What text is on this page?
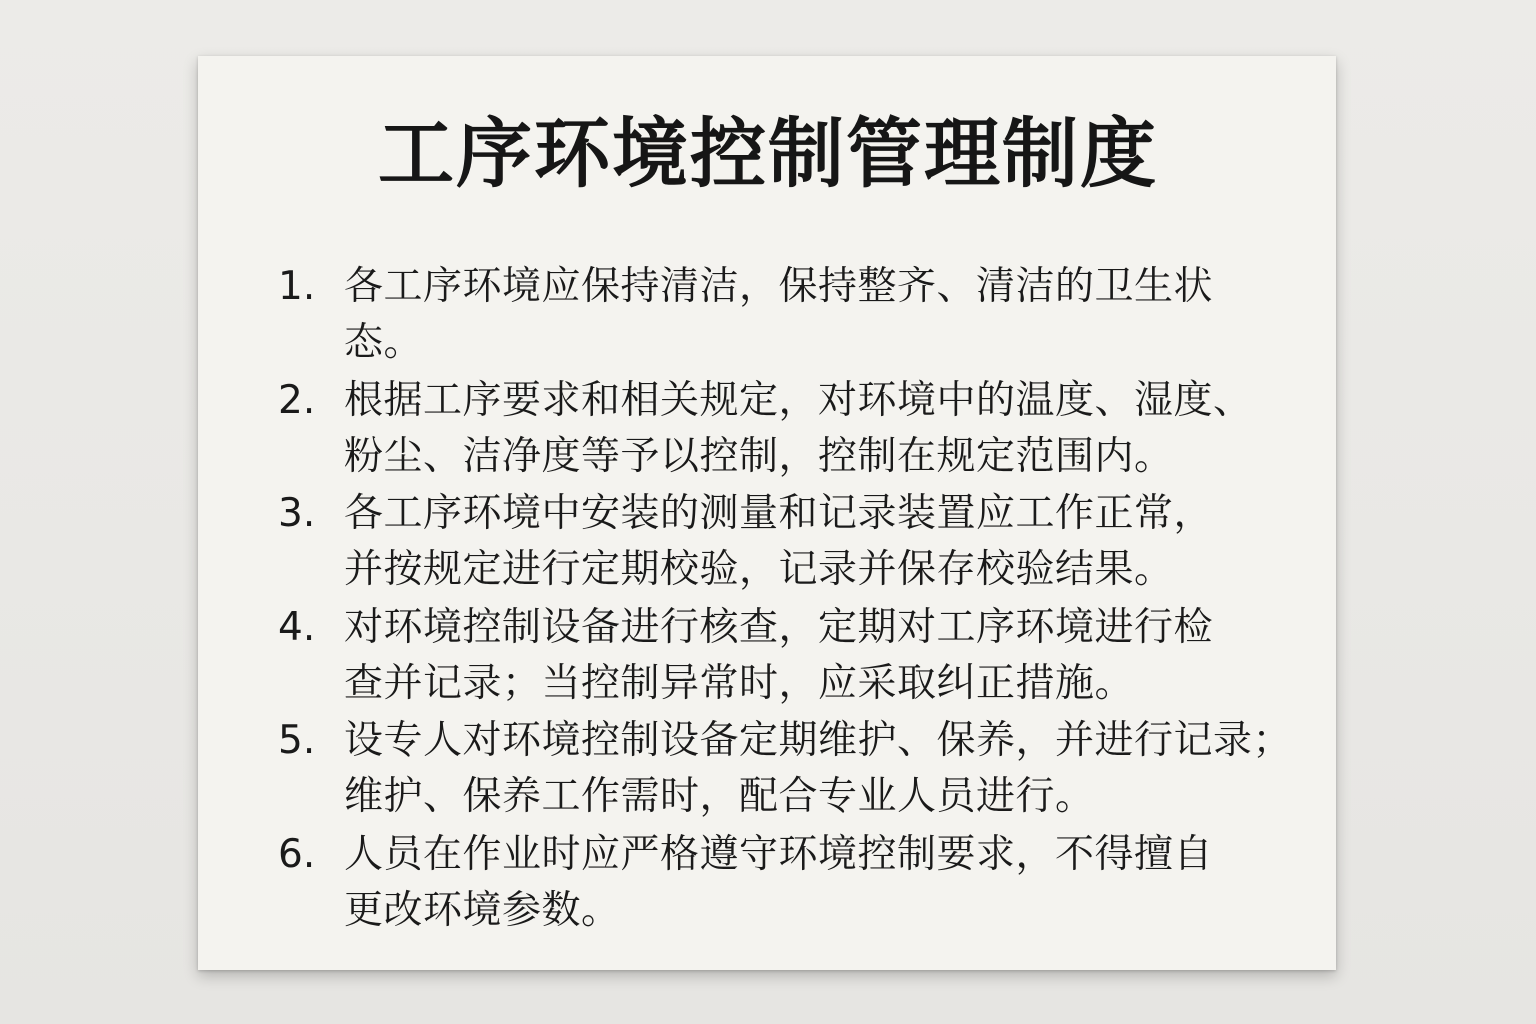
工序环境控制管理制度
1. 各工序环境应保持清洁，保持整齐、清洁的卫生状
态。
2. 根据工序要求和相关规定，对环境中的温度、湿度、
粉尘、洁净度等予以控制，控制在规定范围内。
3. 各工序环境中安装的测量和记录装置应工作正常，
并按规定进行定期校验，记录并保存校验结果。
4. 对环境控制设备进行核查，定期对工序环境进行检
查并记录；当控制异常时，应采取纠正措施。
5. 设专人对环境控制设备定期维护、保养，并进行记录；
维护、保养工作需时，配合专业人员进行。
6. 人员在作业时应严格遵守环境控制要求，不得擅自
更改环境参数。
